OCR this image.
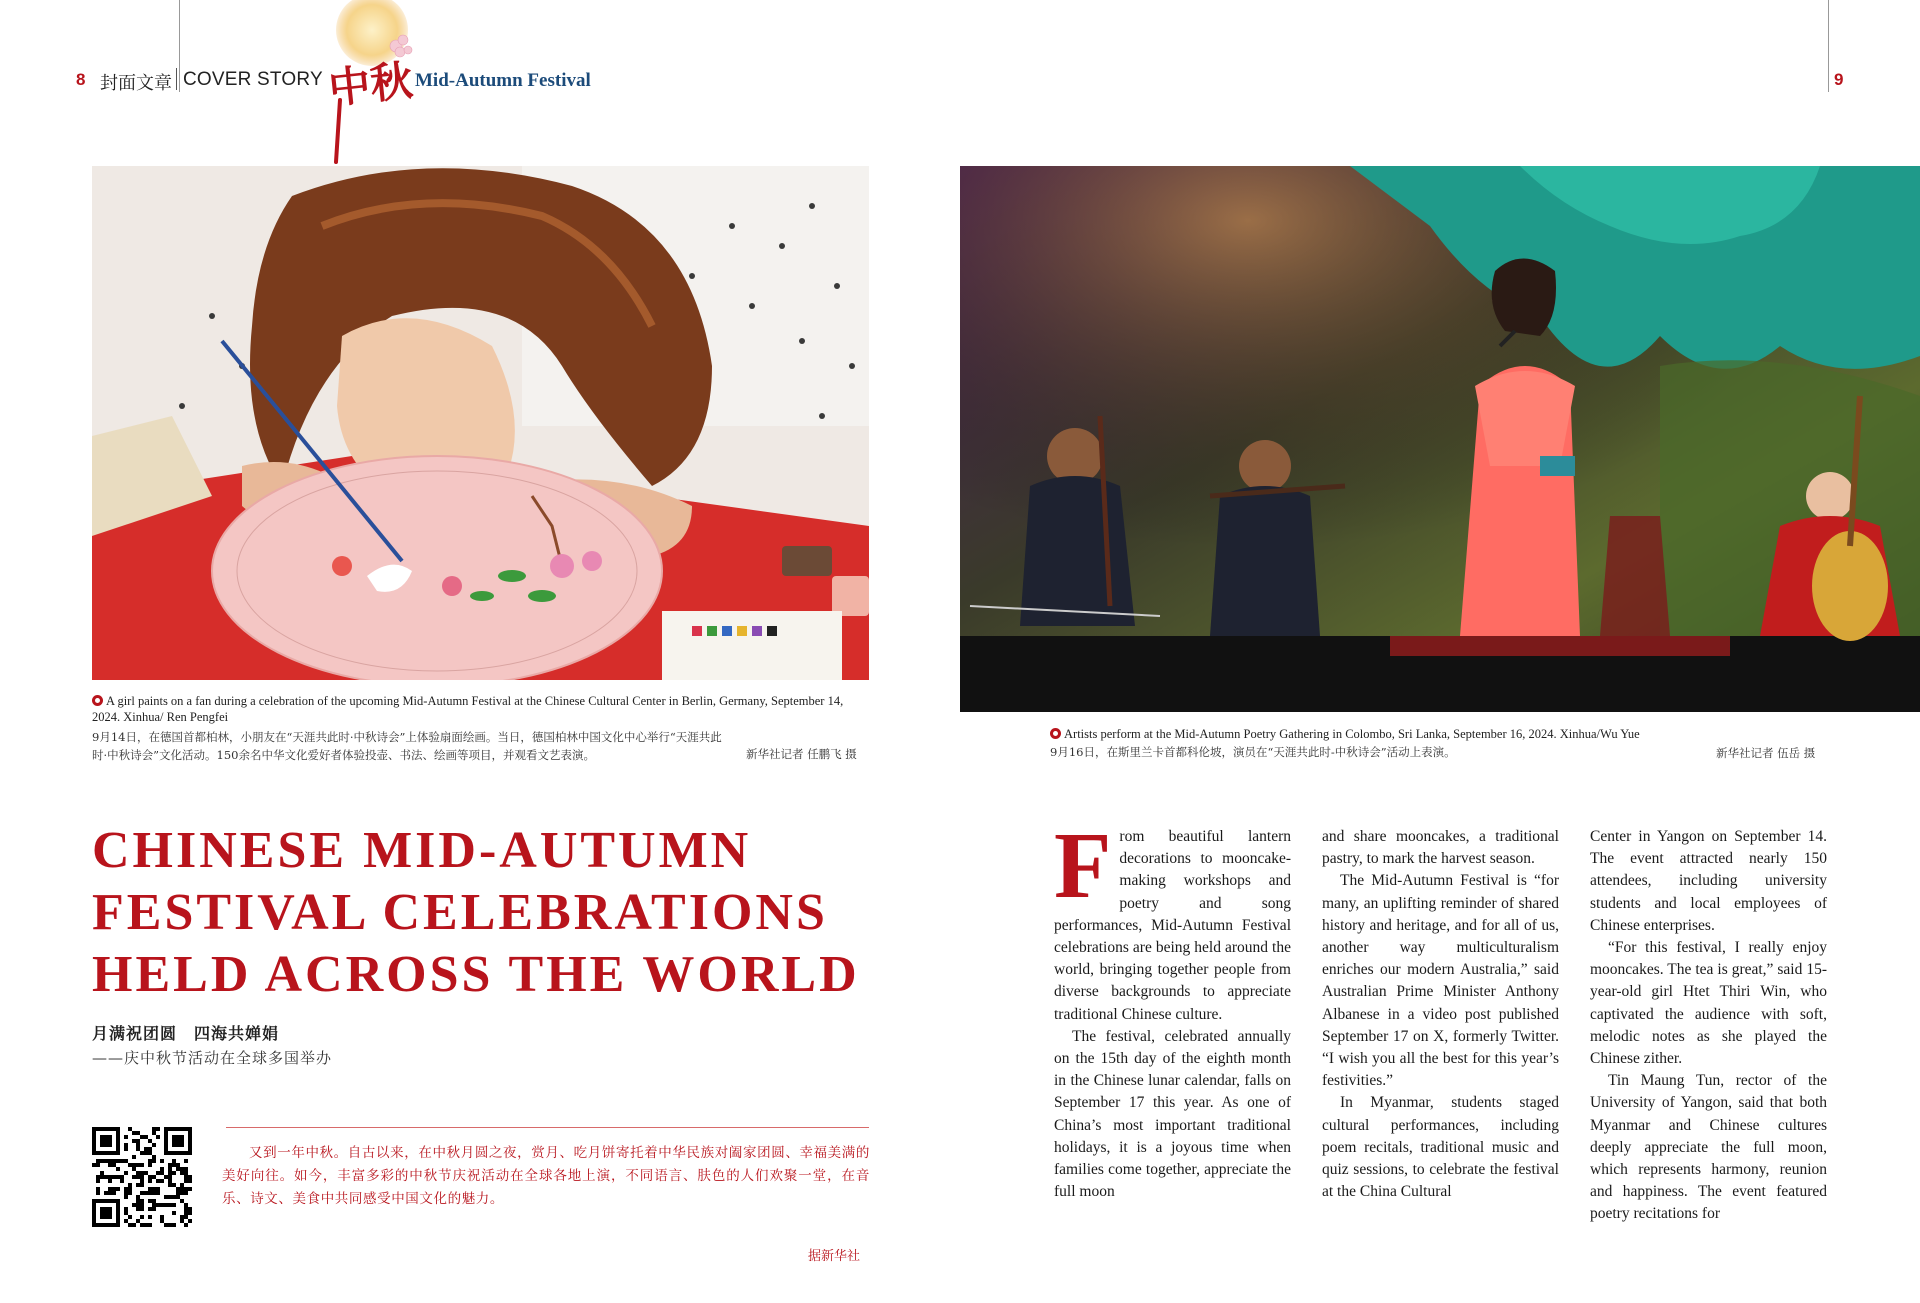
8 封面文章 COVER STORY 中秋 Mid-Autumn Festival	9
A girl paints on a fan during a celebration of the upcoming Mid-Autumn Festival at the Chinese Cultural Center in Berlin, Germany, September 14, 2024. Xinhua/ Ren Pengfei
9月14日，在德国首都柏林，小朋友在“天涯共此时·中秋诗会”上体验扇面绘画。当日，德国柏林中国文化中心举行“天涯共此时·中秋诗会”文化活动。150余名中华文化爱好者体验投壶、书法、绘画等项目，并观看文艺表演。	新华社记者 任鹏飞 摄
Artists perform at the Mid-Autumn Poetry Gathering in Colombo, Sri Lanka, September 16, 2024. Xinhua/Wu Yue
9月16日，在斯里兰卡首都科伦坡，演员在“天涯共此时-中秋诗会”活动上表演。	新华社记者 伍岳 摄
CHINESE MID-AUTUMN
FESTIVAL CELEBRATIONS
HELD ACROSS THE WORLD
月满祝团圆　四海共婵娟
——庆中秋节活动在全球多国举办
又到一年中秋。自古以来，在中秋月圆之夜，赏月、吃月饼寄托着中华民族对阖家团圆、幸福美满的美好向往。如今，丰富多彩的中秋节庆祝活动在全球各地上演，不同语言、肤色的人们欢聚一堂，在音乐、诗文、美食中共同感受中国文化的魅力。
据新华社

From beautiful lantern decorations to mooncake-making workshops and poetry and song performances, Mid-Autumn Festival celebrations are being held around the world, bringing together people from diverse backgrounds to appreciate traditional Chinese culture.

The festival, celebrated annually on the 15th day of the eighth month in the Chinese lunar calendar, falls on September 17 this year. As one of China’s most important traditional holidays, it is a joyous time when families come together, appreciate the full moon

and share mooncakes, a traditional pastry, to mark the harvest season.

The Mid-Autumn Festival is “for many, an uplifting reminder of shared history and heritage, and for all of us, another way multiculturalism enriches our modern Australia,” said Australian Prime Minister Anthony Albanese in a video post published September 17 on X, formerly Twitter. “I wish you all the best for this year’s festivities.”

In Myanmar, students staged cultural performances, including poem recitals, traditional music and quiz sessions, to celebrate the festival at the China Cultural

Center in Yangon on September 14. The event attracted nearly 150 attendees, including university students and local employees of Chinese enterprises.

“For this festival, I really enjoy mooncakes. The tea is great,” said 15-year-old girl Htet Thiri Win, who captivated the audience with soft, melodic notes as she played the Chinese zither.

Tin Maung Tun, rector of the University of Yangon, said that both Myanmar and Chinese cultures deeply appreciate the full moon, which represents harmony, reunion and happiness. The event featured poetry recitations for
